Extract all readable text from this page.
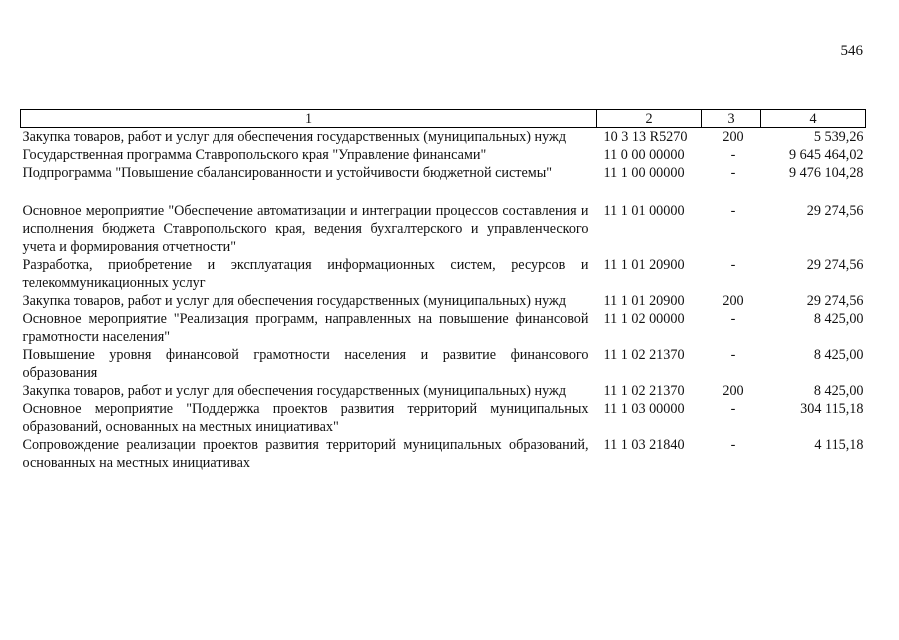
546
1	2	3	4
Закупка товаров, работ и услуг для обеспечения государственных (муниципальных) нужд	10 3 13 R5270	200	5 539,26
Государственная программа Ставропольского края "Управление финансами"	11 0 00 00000	-	9 645 464,02
Подпрограмма "Повышение сбалансированности и устойчивости бюджетной системы"	11 1 00 00000	-	9 476 104,28

Основное мероприятие "Обеспечение автоматизации и интеграции процессов составления и исполнения бюджета Ставропольского края, ведения бухгалтерского и управленческого учета и формирования отчетности"	11 1 01 00000	-	29 274,56
Разработка, приобретение и эксплуатация информационных систем, ресурсов и телекоммуникационных услуг	11 1 01 20900	-	29 274,56
Закупка товаров, работ и услуг для обеспечения государственных (муниципальных) нужд	11 1 01 20900	200	29 274,56
Основное мероприятие "Реализация программ, направленных на повышение финансовой грамотности населения"	11 1 02 00000	-	8 425,00
Повышение уровня финансовой грамотности населения и развитие финансового образования	11 1 02 21370	-	8 425,00
Закупка товаров, работ и услуг для обеспечения государственных (муниципальных) нужд	11 1 02 21370	200	8 425,00
Основное мероприятие "Поддержка проектов развития территорий муниципальных образований, основанных на местных инициативах"	11 1 03 00000	-	304 115,18
Сопровождение реализации проектов развития территорий муниципальных образований, основанных на местных инициативах	11 1 03 21840	-	4 115,18
